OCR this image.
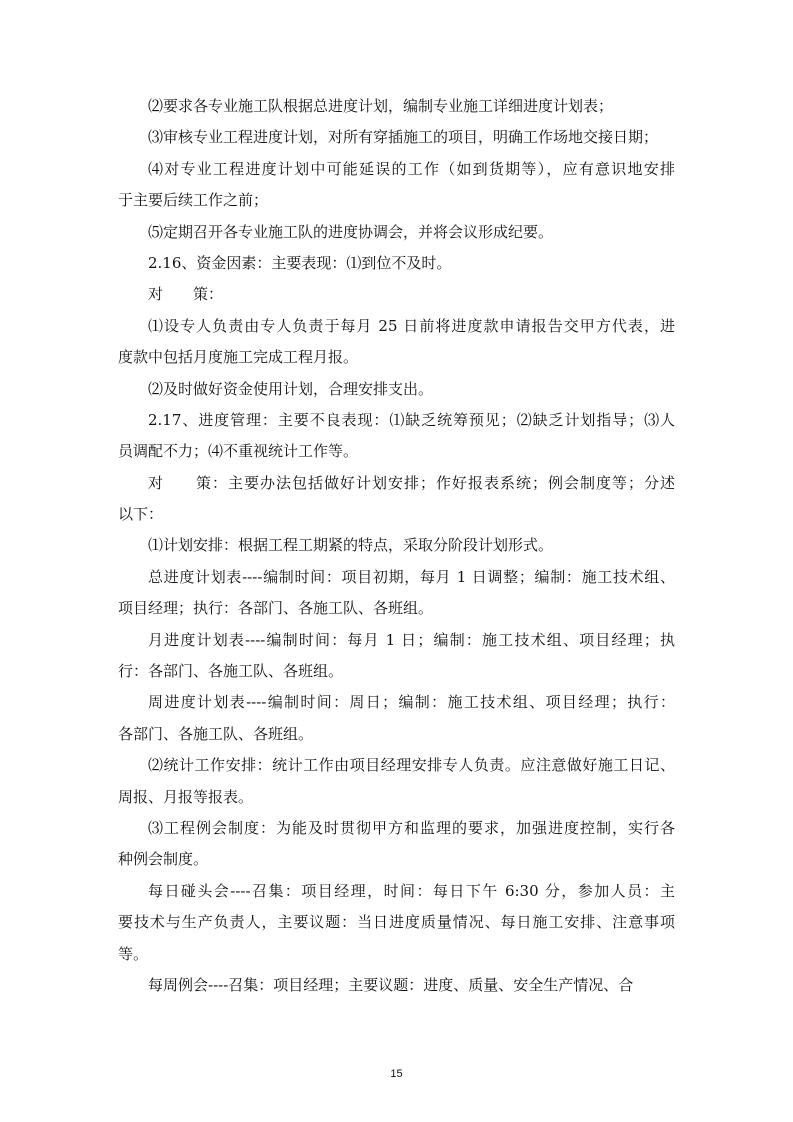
⑵要求各专业施工队根据总进度计划，编制专业施工详细进度计划表；
⑶审核专业工程进度计划，对所有穿插施工的项目，明确工作场地交接日期；
⑷对专业工程进度计划中可能延误的工作（如到货期等），应有意识地安排
于主要后续工作之前；
⑸定期召开各专业施工队的进度协调会，并将会议形成纪要。
2.16、资金因素：主要表现：⑴到位不及时。
对　　策：
⑴设专人负责由专人负责于每月 25 日前将进度款申请报告交甲方代表，进
度款中包括月度施工完成工程月报。
⑵及时做好资金使用计划，合理安排支出。
2.17、进度管理：主要不良表现：⑴缺乏统筹预见；⑵缺乏计划指导；⑶人
员调配不力；⑷不重视统计工作等。
对　　策：主要办法包括做好计划安排；作好报表系统；例会制度等；分述
以下：
⑴计划安排：根据工程工期紧的特点，采取分阶段计划形式。
总进度计划表----编制时间：项目初期，每月 1 日调整；编制：施工技术组、
项目经理；执行：各部门、各施工队、各班组。
月进度计划表----编制时间：每月 1 日；编制：施工技术组、项目经理；执
行：各部门、各施工队、各班组。
周进度计划表----编制时间：周日；编制：施工技术组、项目经理；执行：
各部门、各施工队、各班组。
⑵统计工作安排：统计工作由项目经理安排专人负责。应注意做好施工日记、
周报、月报等报表。
⑶工程例会制度：为能及时贯彻甲方和监理的要求，加强进度控制，实行各
种例会制度。
每日碰头会----召集：项目经理，时间：每日下午 6:30 分，参加人员：主
要技术与生产负责人，主要议题：当日进度质量情况、每日施工安排、注意事项
等。
每周例会----召集：项目经理；主要议题：进度、质量、安全生产情况、合
15
